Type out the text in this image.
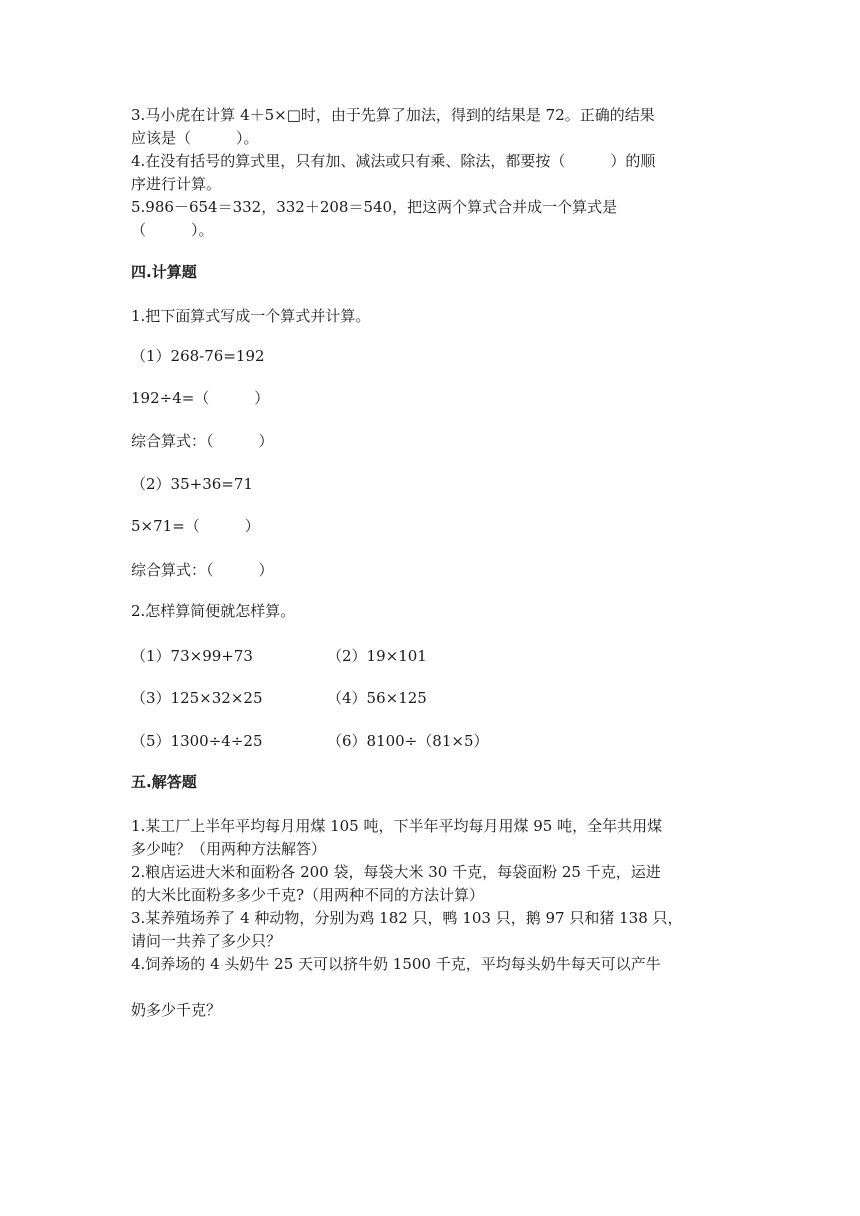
3.马小虎在计算 4＋5×□时，由于先算了加法，得到的结果是 72。正确的结果
应该是（　　　）。
4.在没有括号的算式里，只有加、减法或只有乘、除法，都要按（　　　）的顺
序进行计算。
5.986－654＝332，332＋208＝540，把这两个算式合并成一个算式是
（　　　）。
四.计算题
1.把下面算式写成一个算式并计算。
（1）268-76=192
192÷4=（　　　）
综合算式：（　　　）
（2）35+36=71
5×71=（　　　）
综合算式：（　　　）
2.怎样算简便就怎样算。
（1）73×99+73	（2）19×101
（3）125×32×25	（4）56×125
（5）1300÷4÷25	（6）8100÷（81×5）
五.解答题
1.某工厂上半年平均每月用煤 105 吨，下半年平均每月用煤 95 吨，全年共用煤
多少吨？（用两种方法解答）
2.粮店运进大米和面粉各 200 袋，每袋大米 30 千克，每袋面粉 25 千克，运进
的大米比面粉多多少千克?（用两种不同的方法计算）
3.某养殖场养了 4 种动物，分别为鸡 182 只，鸭 103 只，鹅 97 只和猪 138 只，
请问一共养了多少只？
4.饲养场的 4 头奶牛 25 天可以挤牛奶 1500 千克，平均每头奶牛每天可以产牛
奶多少千克？
